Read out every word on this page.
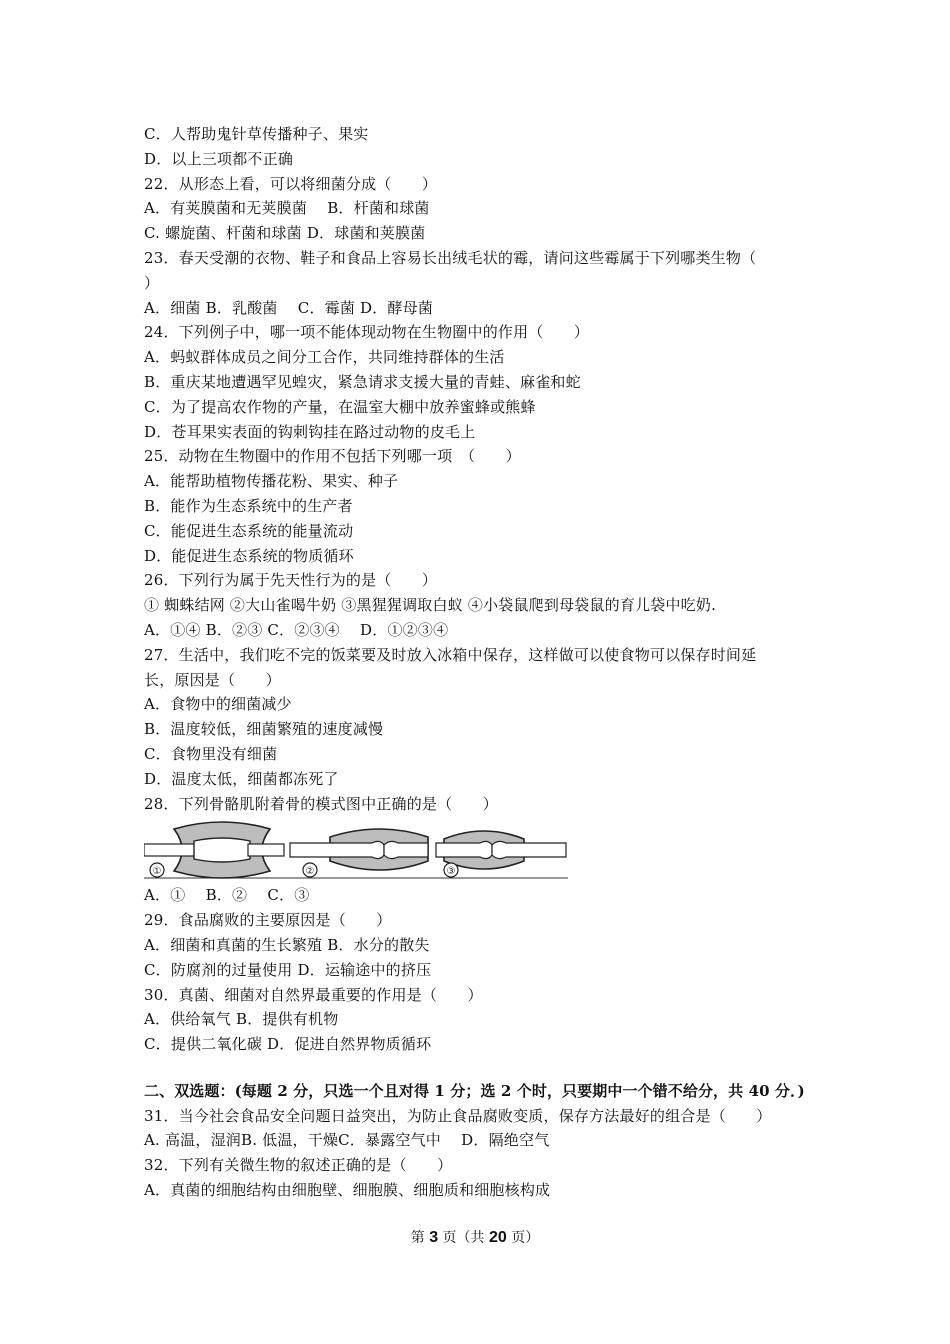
C．人帮助鬼针草传播种子、果实
D．以上三项都不正确
22．从形态上看，可以将细菌分成（　　）
A．有荚膜菌和无荚膜菌　 B．杆菌和球菌
C. 螺旋菌、杆菌和球菌 D．球菌和荚膜菌
23．春天受潮的衣物、鞋子和食品上容易长出绒毛状的霉，请问这些霉属于下列哪类生物（
）
A．细菌 B．乳酸菌　 C．霉菌 D．酵母菌
24．下列例子中，哪一项不能体现动物在生物圈中的作用（　　）
A．蚂蚁群体成员之间分工合作，共同维持群体的生活
B．重庆某地遭遇罕见蝗灾，紧急请求支援大量的青蛙、麻雀和蛇
C．为了提高农作物的产量，在温室大棚中放养蜜蜂或熊蜂
D．苍耳果实表面的钩刺钩挂在路过动物的皮毛上
25．动物在生物圈中的作用不包括下列哪一项　（　　）
A．能帮助植物传播花粉、果实、种子
B．能作为生态系统中的生产者
C．能促进生态系统的能量流动
D．能促进生态系统的物质循环
26．下列行为属于先天性行为的是（　　）
① 蜘蛛结网 ②大山雀喝牛奶 ③黑猩猩调取白蚁 ④小袋鼠爬到母袋鼠的育儿袋中吃奶.
A．①④ B．②③ C．②③④　 D．①②③④
27．生活中，我们吃不完的饭菜要及时放入冰箱中保存，这样做可以使食物可以保存时间延
长，原因是（　　）
A．食物中的细菌减少
B．温度较低，细菌繁殖的速度减慢
C．食物里没有细菌
D．温度太低，细菌都冻死了
28．下列骨骼肌附着骨的模式图中正确的是（　　）
①	②	③
A．①　 B．②　 C．③
29．食品腐败的主要原因是（　　）
A．细菌和真菌的生长繁殖 B．水分的散失
C．防腐剂的过量使用 D．运输途中的挤压
30．真菌、细菌对自然界最重要的作用是（　　）
A．供给氧气 B．提供有机物
C．提供二氧化碳 D．促进自然界物质循环
二、双选题：(每题 2 分，只选一个且对得 1 分；选 2 个时，只要期中一个错不给分，共 40 分．)
31．当今社会食品安全问题日益突出，为防止食品腐败变质，保存方法最好的组合是（　　）
A. 高温，湿润B. 低温，干燥C．暴露空气中　 D．隔绝空气
32．下列有关微生物的叙述正确的是（　　）
A．真菌的细胞结构由细胞壁、细胞膜、细胞质和细胞核构成
第 3 页（共 20 页）
